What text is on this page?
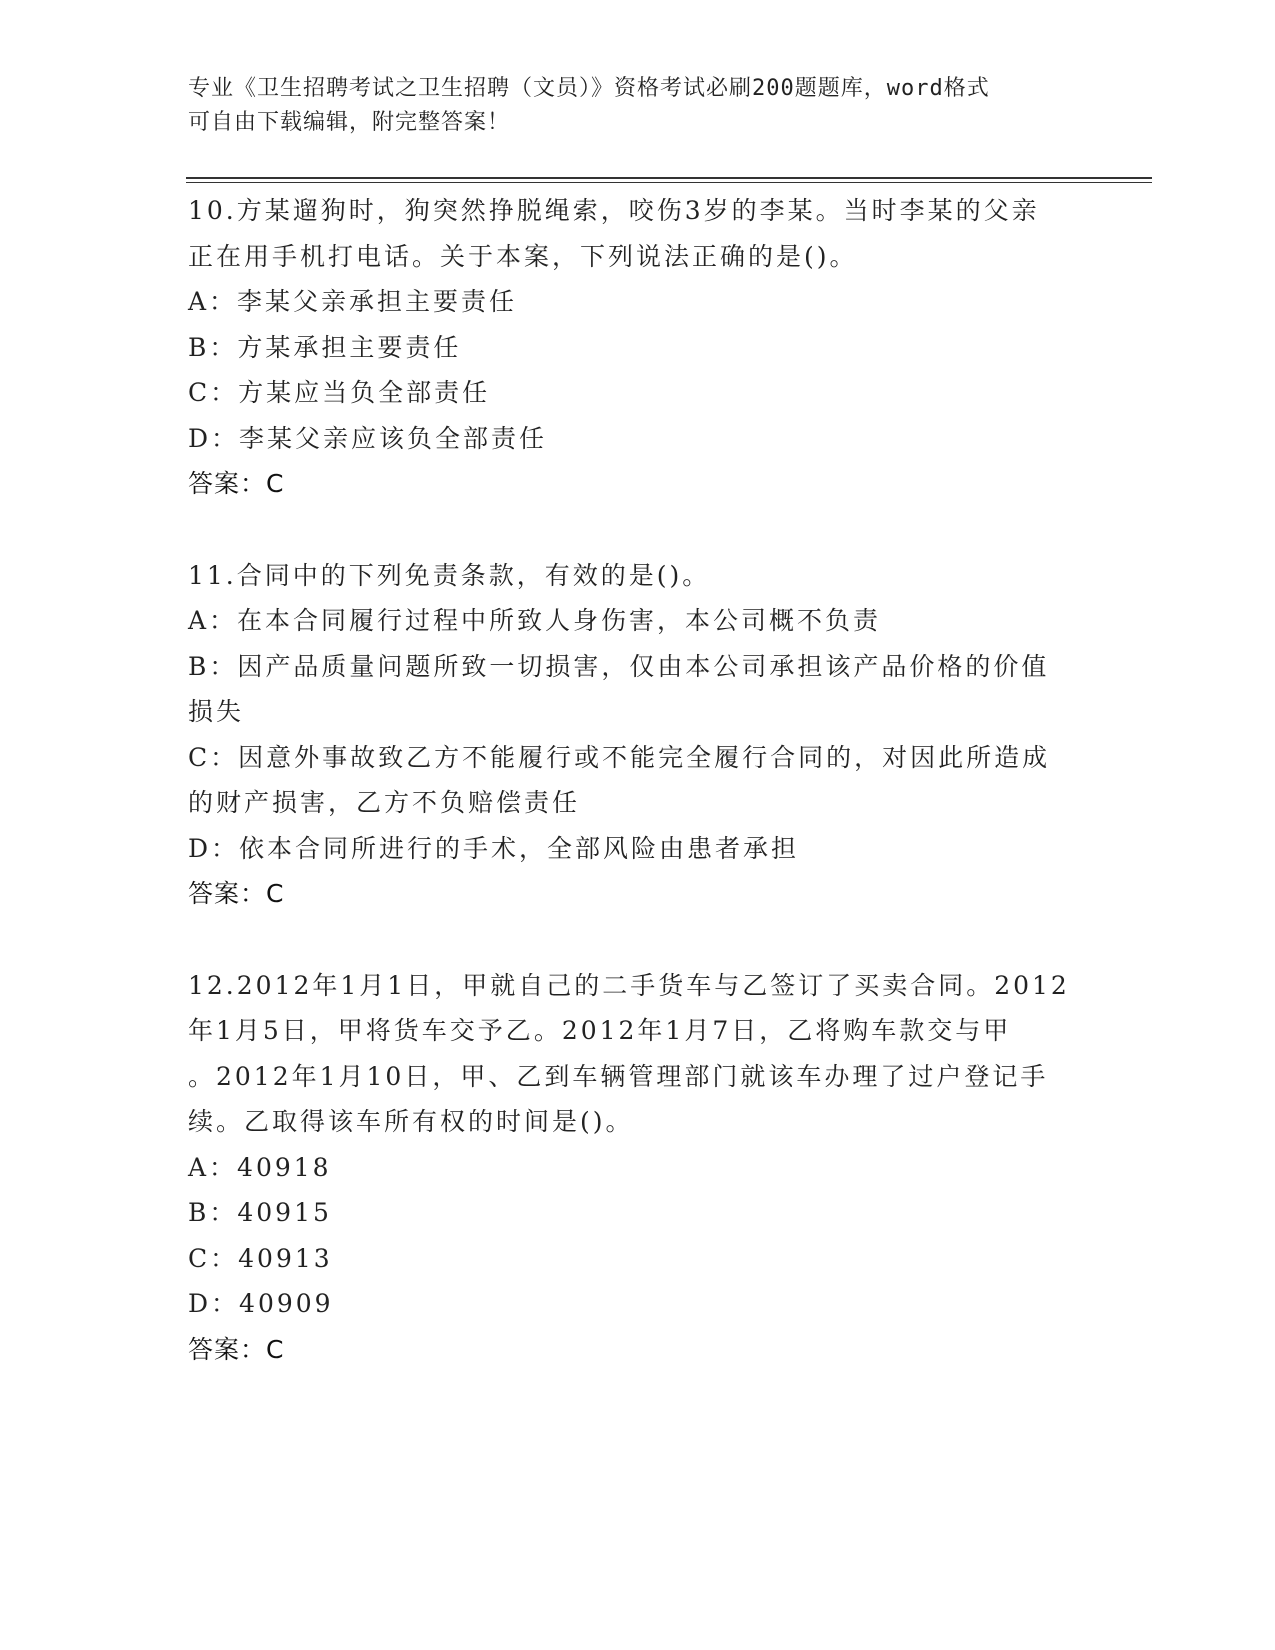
专业《卫生招聘考试之卫生招聘（文员）》资格考试必刷200题题库，word格式
可自由下载编辑，附完整答案！
10.方某遛狗时，狗突然挣脱绳索，咬伤3岁的李某。当时李某的父亲
正在用手机打电话。关于本案，下列说法正确的是()。
A：李某父亲承担主要责任
B：方某承担主要责任
C：方某应当负全部责任
D：李某父亲应该负全部责任
答案：C
11.合同中的下列免责条款，有效的是()。
A：在本合同履行过程中所致人身伤害，本公司概不负责
B：因产品质量问题所致一切损害，仅由本公司承担该产品价格的价值
损失
C：因意外事故致乙方不能履行或不能完全履行合同的，对因此所造成
的财产损害，乙方不负赔偿责任
D：依本合同所进行的手术，全部风险由患者承担
答案：C
12.2012年1月1日，甲就自己的二手货车与乙签订了买卖合同。2012
年1月5日，甲将货车交予乙。2012年1月7日，乙将购车款交与甲
。2012年1月10日，甲、乙到车辆管理部门就该车办理了过户登记手
续。乙取得该车所有权的时间是()。
A：40918
B：40915
C：40913
D：40909
答案：C
